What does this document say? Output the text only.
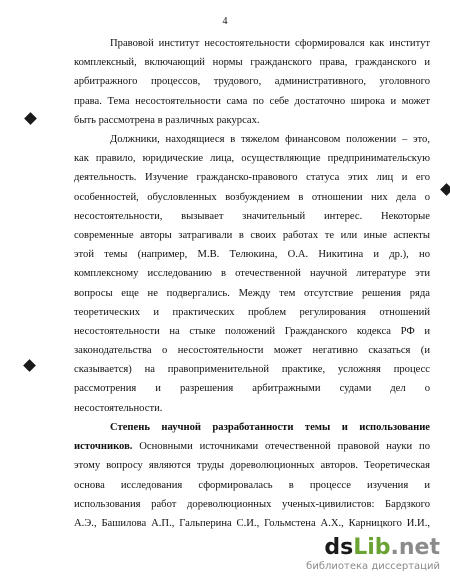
4
Правовой институт несостоятельности сформировался как институт
комплексный, включающий нормы гражданского права, гражданского и
арбитражного процессов, трудового, административного, уголовного
права. Тема несостоятельности сама по себе достаточно широка и может
быть рассмотрена в различных ракурсах.
Должники, находящиеся в тяжелом финансовом положении – это,
как правило, юридические лица, осуществляющие предпринимательскую
деятельность. Изучение гражданско-правового статуса этих лиц и его
особенностей, обусловленных возбуждением в отношении них дела о
несостоятельности, вызывает значительный интерес. Некоторые
современные авторы затрагивали в своих работах те или иные аспекты
этой темы (например, М.В. Телюкина, О.А. Никитина и др.), но
комплексному исследованию в отечественной научной литературе эти
вопросы еще не подвергались. Между тем отсутствие решения ряда
теоретических и практических проблем регулирования отношений
несостоятельности на стыке положений Гражданского кодекса РФ и
законодательства о несостоятельности может негативно сказаться (и
сказывается) на правоприменительной практике, усложняя процесс
рассмотрения и разрешения арбитражными судами дел о
несостоятельности.
Степень научной разработанности темы и использование
источников. Основными источниками отечественной правовой науки по
этому вопросу являются труды дореволюционных авторов. Теоретическая
основа исследования сформировалась в процессе изучения и
использования работ дореволюционных ученых-цивилистов: Бардзкого
А.Э., Башилова А.П., Гальперина С.И., Гольмстена А.Х., Карницкого И.И.,
ds Lib .net
библиотека диссертаций
